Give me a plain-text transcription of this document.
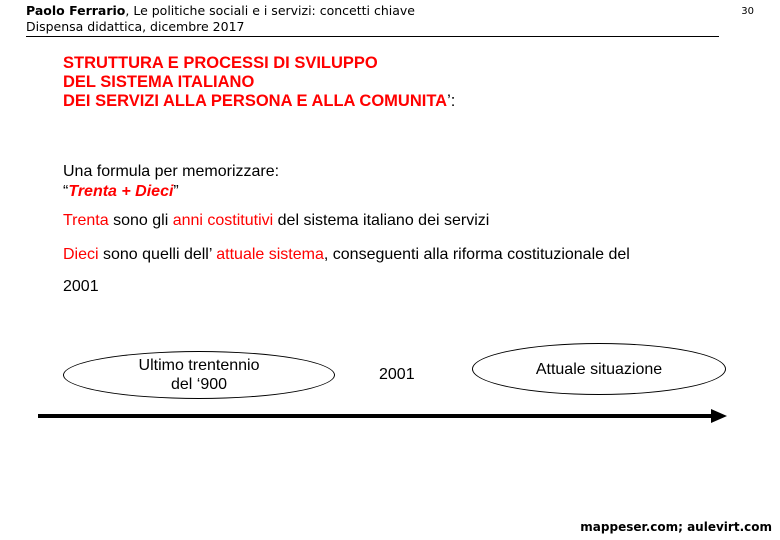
Paolo Ferrario, Le politiche sociali e i servizi: concetti chiave
Dispensa didattica, dicembre 2017
30
STRUTTURA E PROCESSI DI SVILUPPO
DEL SISTEMA ITALIANO
DEI SERVIZI ALLA PERSONA E ALLA COMUNITA’:
Una formula per memorizzare:
“Trenta + Dieci”
Trenta sono gli anni costitutivi del sistema italiano dei servizi
Dieci sono quelli dell’ attuale sistema, conseguenti alla riforma costituzionale del
2001
Ultimo trentennio
del ‘900
2001	Attuale situazione
mappeser.com; aulevirt.com
